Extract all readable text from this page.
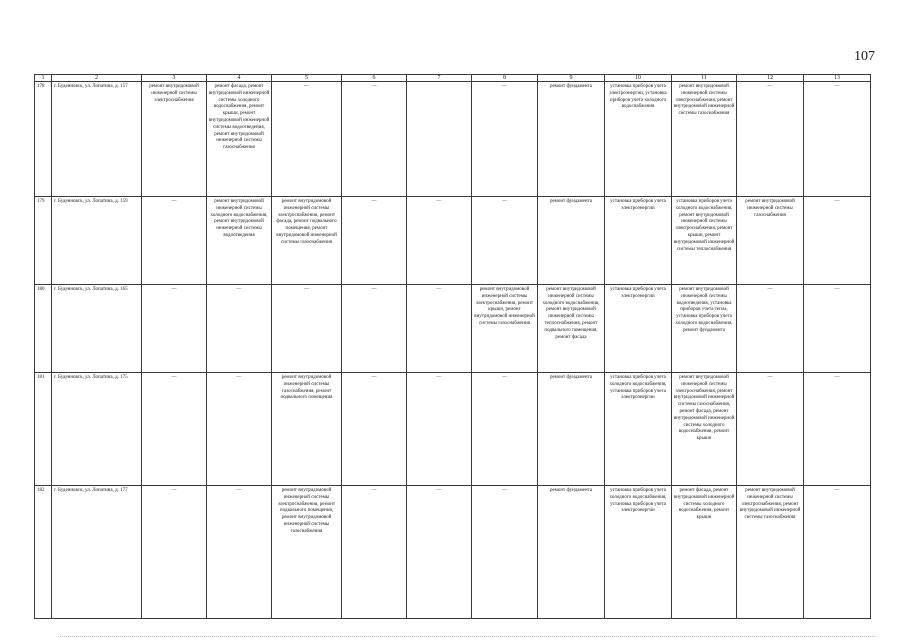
107
1	2	3	4	5	6	7	8	9	10	11	12	13
178	г. Буденновск, ул. Лопатина, д. 157	ремонт внутридомовой инженерной системы электроснабжения	ремонт фасада, ремонт внутридомовой инженерной системы холодного водоснабжения, ремонт крыши, ремонт внутридомовой инженерной системы водоотведения, ремонт внутридомовой инженерной системы газоснабжения	—	—		—	ремонт фундамента	установка приборов учета электроэнергии, установка приборов учета холодного водоснабжения	ремонт внутридомовой инженерной системы электроснабжения, ремонт внутридомовой инженерной системы газоснабжения	—	—
179	г. Буденновск, ул. Лопатина, д. 159	—	ремонт внутридомовой инженерной системы холодного водоснабжения, ремонт внутридомовой инженерной системы водоотведения	ремонт внутридомовой инженерной системы электроснабжения, ремонт фасада, ремонт подвального помещения, ремонт внутридомовой инженерной системы газоснабжения	—	—	—	ремонт фундамента	установка приборов учета электроэнергии	установка приборов учета холодного водоснабжения, ремонт внутридомовой инженерной системы электроснабжения, ремонт крыши, ремонт внутридомовой инженерной системы теплоснабжения	ремонт внутридомовой инженерной системы газоснабжения	—
180	г. Буденновск, ул. Лопатина, д. 165	—	—	—	—	—	ремонт внутридомовой инженерной системы электроснабжения, ремонт крыши, ремонт внутридомовой инженерной системы газоснабжения	ремонт внутридомовой инженерной системы холодного водоснабжения, ремонт внутридомовой инженерной системы теплоснабжения, ремонт подвального помещения, ремонт фасада	установка приборов учета электроэнергии	ремонт внутридомовой инженерной системы водоотведения, установка приборов учета тепла, установка приборов учета холодного водоснабжения, ремонт фундамента	—	—
181	г. Буденновск, ул. Лопатина, д. 175	—	—	ремонт внутридомовой инженерной системы газоснабжения, ремонт подвального помещения	—	—	—	ремонт фундамента	установка приборов учета холодного водоснабжения, установка приборов учета электроэнергии	ремонт внутридомовой инженерной системы электроснабжения, ремонт внутридомовой инженерной системы газоснабжения, ремонт фасада, ремонт внутридомовой инженерной системы холодного водоснабжения, ремонт крыши	—	—
182	г. Буденновск, ул. Лопатина, д. 177	—	—	ремонт внутридомовой инженерной системы электроснабжения, ремонт подвального помещения, ремонт внутридомовой инженерной системы газоснабжения	—	—	—	ремонт фундамента	установка приборов учета холодного водоснабжения, установка приборов учета электроэнергии	ремонт фасада, ремонт внутридомовой инженерной системы холодного водоснабжения, ремонт крыши	ремонт внутридомовой инженерной системы электроснабжения, ремонт внутридомовой инженерной системы газоснабжения	—
